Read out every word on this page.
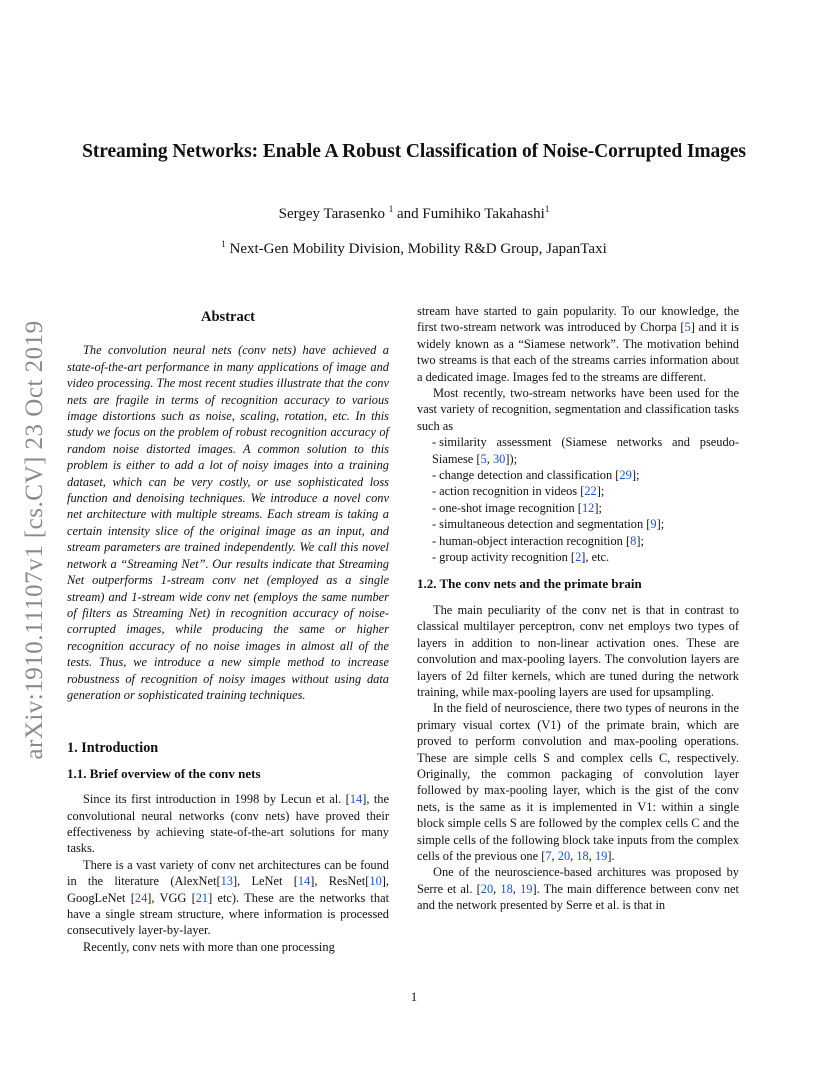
arXiv:1910.11107v1 [cs.CV] 23 Oct 2019
Streaming Networks: Enable A Robust Classification of Noise-Corrupted Images
Sergey Tarasenko $^1$ and Fumihiko Takahashi$^1$
$^1$ Next-Gen Mobility Division, Mobility R&D Group, JapanTaxi
Abstract

The convolution neural nets (conv nets) have achieved a state-of-the-art performance in many applications of image and video processing. The most recent studies illustrate that the conv nets are fragile in terms of recognition accuracy to various image distortions such as noise, scaling, rotation, etc. In this study we focus on the problem of robust recognition accuracy of random noise distorted images. A common solution to this problem is either to add a lot of noisy images into a training dataset, which can be very costly, or use sophisticated loss function and denoising techniques. We introduce a novel conv net architecture with multiple streams. Each stream is taking a certain intensity slice of the original image as an input, and stream parameters are trained independently. We call this novel network a “Streaming Net”. Our results indicate that Streaming Net outperforms 1-stream conv net (employed as a single stream) and 1-stream wide conv net (employs the same number of filters as Streaming Net) in recognition accuracy of noise-corrupted images, while producing the same or higher recognition accuracy of no noise images in almost all of the tests. Thus, we introduce a new simple method to increase robustness of recognition of noisy images without using data generation or sophisticated training techniques.

1. Introduction

1.1. Brief overview of the conv nets

Since its first introduction in 1998 by Lecun et al. [14], the convolutional neural networks (conv nets) have proved their effectiveness by achieving state-of-the-art solutions for many tasks.

There is a vast variety of conv net architectures can be found in the literature (AlexNet[13], LeNet [14], ResNet[10], GoogLeNet [24], VGG [21] etc). These are the networks that have a single stream structure, where information is processed consecutively layer-by-layer.

Recently, conv nets with more than one processing

stream have started to gain popularity. To our knowledge, the first two-stream network was introduced by Chorpa [5] and it is widely known as a “Siamese network”. The motivation behind two streams is that each of the streams carries information about a dedicated image. Images fed to the streams are different.

Most recently, two-stream networks have been used for the vast variety of recognition, segmentation and classification tasks such as

- similarity assessment (Siamese networks and pseudo-Siamese [5, 30]);

- change detection and classification [29];

- action recognition in videos [22];

- one-shot image recognition [12];

- simultaneous detection and segmentation [9];

- human-object interaction recognition [8];

- group activity recognition [2], etc.

1.2. The conv nets and the primate brain

The main peculiarity of the conv net is that in contrast to classical multilayer perceptron, conv net employs two types of layers in addition to non-linear activation ones. These are convolution and max-pooling layers. The convolution layers are layers of 2d filter kernels, which are tuned during the network training, while max-pooling layers are used for upsampling.

In the field of neuroscience, there two types of neurons in the primary visual cortex (V1) of the primate brain, which are proved to perform convolution and max-pooling operations. These are simple cells S and complex cells C, respectively. Originally, the common packaging of convolution layer followed by max-pooling layer, which is the gist of the conv nets, is the same as it is implemented in V1: within a single block simple cells S are followed by the complex cells C and the simple cells of the following block take inputs from the complex cells of the previous one [7, 20, 18, 19].

One of the neuroscience-based architures was proposed by Serre et al. [20, 18, 19]. The main difference between conv net and the network presented by Serre et al. is that in

1
